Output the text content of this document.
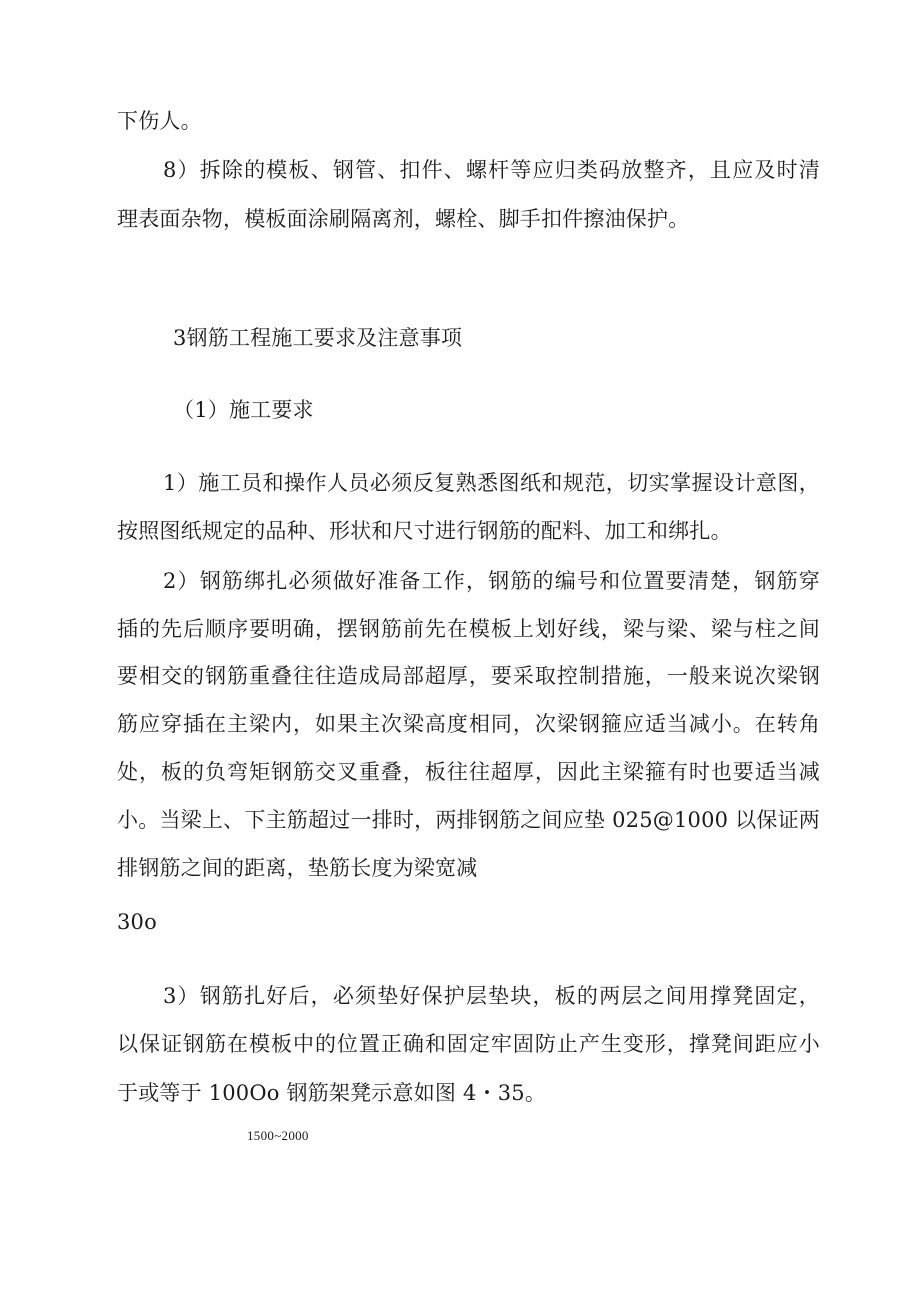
下伤人。
8）拆除的模板、钢管、扣件、螺杆等应归类码放整齐，且应及时清
理表面杂物，模板面涂刷隔离剂，螺栓、脚手扣件擦油保护。
3钢筋工程施工要求及注意事项
（1）施工要求
1）施工员和操作人员必须反复熟悉图纸和规范，切实掌握设计意图，
按照图纸规定的品种、形状和尺寸进行钢筋的配料、加工和绑扎。
2）钢筋绑扎必须做好准备工作，钢筋的编号和位置要清楚，钢筋穿
插的先后顺序要明确，摆钢筋前先在模板上划好线，梁与梁、梁与柱之间
要相交的钢筋重叠往往造成局部超厚，要采取控制措施，一般来说次梁钢
筋应穿插在主梁内，如果主次梁高度相同，次梁钢箍应适当减小。在转角
处，板的负弯矩钢筋交叉重叠，板往往超厚，因此主梁箍有时也要适当减
小。当梁上、下主筋超过一排时，两排钢筋之间应垫 025@1000 以保证两
排钢筋之间的距离，垫筋长度为梁宽减
30o
3）钢筋扎好后，必须垫好保护层垫块，板的两层之间用撑凳固定，
以保证钢筋在模板中的位置正确和固定牢固防止产生变形，撑凳间距应小
于或等于 100Oo 钢筋架凳示意如图 4・35。
1500~2000
